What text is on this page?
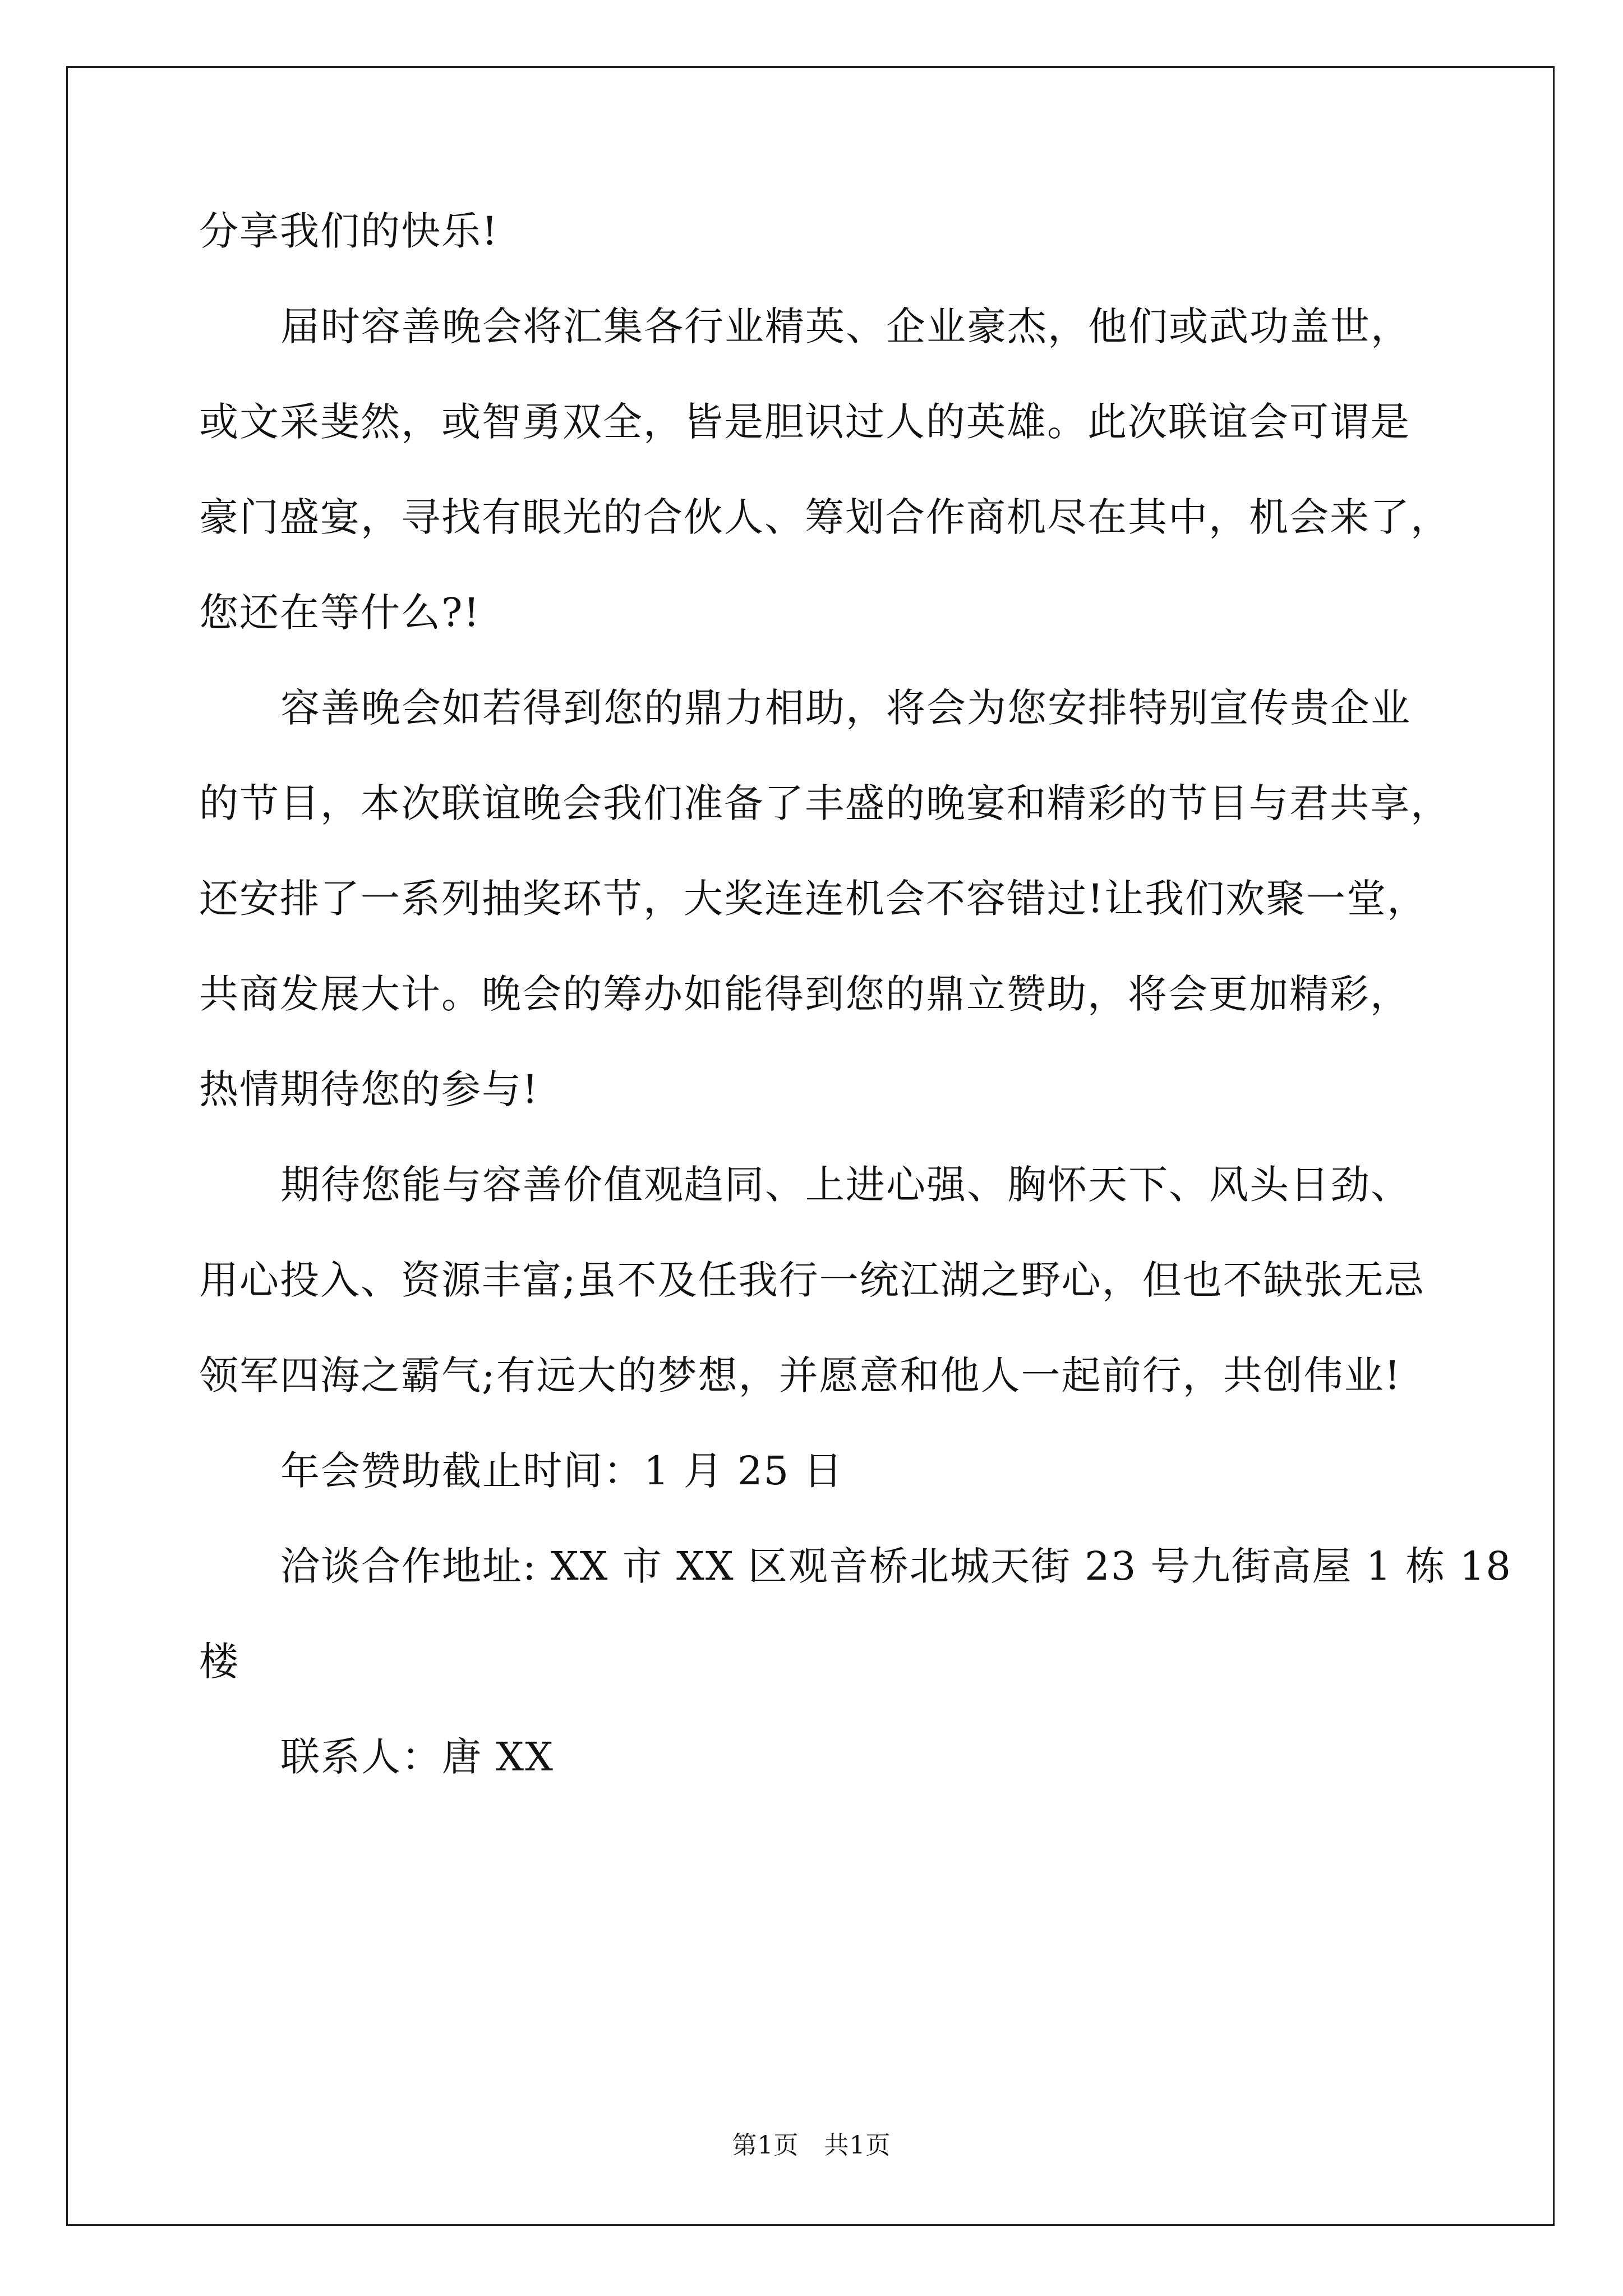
分享我们的快乐!
届时容善晚会将汇集各行业精英、企业豪杰，他们或武功盖世，
或文采斐然，或智勇双全，皆是胆识过人的英雄。此次联谊会可谓是
豪门盛宴，寻找有眼光的合伙人、筹划合作商机尽在其中，机会来了，
您还在等什么?!
容善晚会如若得到您的鼎力相助，将会为您安排特别宣传贵企业
的节目，本次联谊晚会我们准备了丰盛的晚宴和精彩的节目与君共享，
还安排了一系列抽奖环节，大奖连连机会不容错过!让我们欢聚一堂，
共商发展大计。晚会的筹办如能得到您的鼎立赞助，将会更加精彩，
热情期待您的参与!
期待您能与容善价值观趋同、上进心强、胸怀天下、风头日劲、
用心投入、资源丰富;虽不及任我行一统江湖之野心，但也不缺张无忌
领军四海之霸气;有远大的梦想，并愿意和他人一起前行，共创伟业!
年会赞助截止时间：1 月 25 日
洽谈合作地址: XX 市 XX 区观音桥北城天街 23 号九街高屋 1 栋 18
楼
联系人：唐 XX
第1页　共1页
